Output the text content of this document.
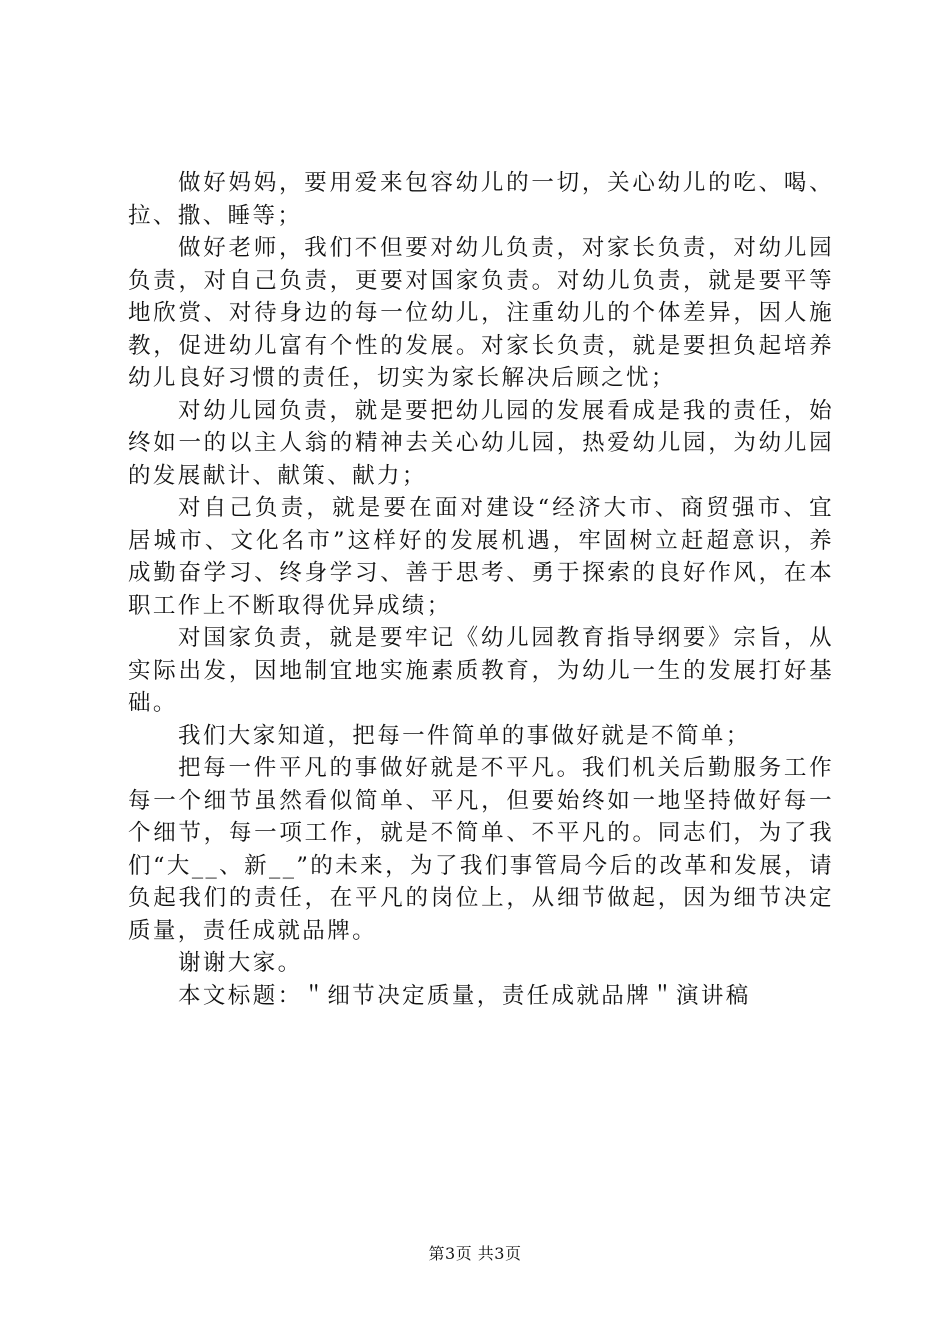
做好妈妈，要用爱来包容幼儿的一切，关心幼儿的吃、喝、拉、撒、睡等；

做好老师，我们不但要对幼儿负责，对家长负责，对幼儿园负责，对自己负责，更要对国家负责。对幼儿负责，就是要平等地欣赏、对待身边的每一位幼儿，注重幼儿的个体差异，因人施教，促进幼儿富有个性的发展。对家长负责，就是要担负起培养幼儿良好习惯的责任，切实为家长解决后顾之忧；

对幼儿园负责，就是要把幼儿园的发展看成是我的责任，始终如一的以主人翁的精神去关心幼儿园，热爱幼儿园，为幼儿园的发展献计、献策、献力；

对自己负责，就是要在面对建设“经济大市、商贸强市、宜居城市、文化名市”这样好的发展机遇，牢固树立赶超意识，养成勤奋学习、终身学习、善于思考、勇于探索的良好作风，在本职工作上不断取得优异成绩；

对国家负责，就是要牢记《幼儿园教育指导纲要》宗旨，从实际出发，因地制宜地实施素质教育，为幼儿一生的发展打好基础。

我们大家知道，把每一件简单的事做好就是不简单；

把每一件平凡的事做好就是不平凡。我们机关后勤服务工作每一个细节虽然看似简单、平凡，但要始终如一地坚持做好每一个细节，每一项工作，就是不简单、不平凡的。同志们，为了我们“大__、新__”的未来，为了我们事管局今后的改革和发展，请负起我们的责任，在平凡的岗位上，从细节做起，因为细节决定质量，责任成就品牌。

谢谢大家。

本文标题：＂细节决定质量，责任成就品牌＂演讲稿

第3页 共3页
